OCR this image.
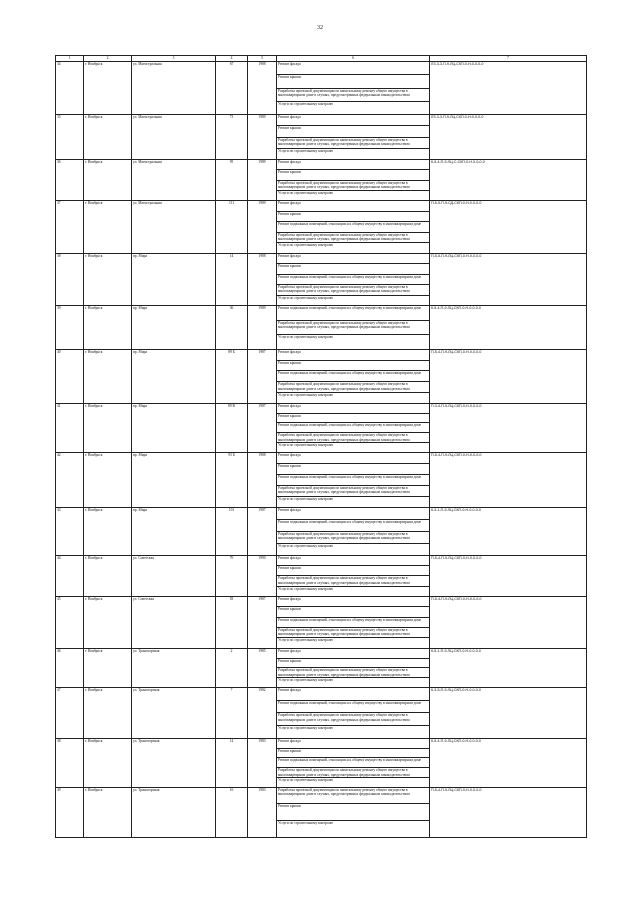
32
1	2	3	4	5	6	7
34	г. Ноябрьск	ул. Магистральная	67	1988	Ремонт фасада	ЛЗ-3-3-П-9-ЛЦ-СКП-0-Н-0-0-0-0
					Ремонт крыши	
					Разработка проектной документации по капитальному ремонту общего имущества в многоквартирном доме в случаях, предусмотренных федеральным законодательством	
					Услуги по строительному контролю	
35	г. Ноябрьск	ул. Магистральная	73	1989	Ремонт фасада	ЛЗ-3-3-П-9-ЛЦ-СКП-0-Н-0-0-0-0
					Ремонт крыши	
					Разработка проектной документации по капитальному ремонту общего имущества в многоквартирном доме в случаях, предусмотренных федеральным законодательством	
					Услуги по строительному контролю	
36	г. Ноябрьск	ул. Магистральная	95	1989	Ремонт фасада	К-5-4-П-9-ЛЦ-С-СКП-0-Н-0-0-0-0
					Ремонт крыши	
					Разработка проектной документации по капитальному ремонту общего имущества в многоквартирном доме в случаях, предусмотренных федеральным законодательством	
					Услуги по строительному контролю	
37	г. Ноябрьск	ул. Магистральная	111	1989	Ремонт фасада	П-5-5-П-9-СД-СКП-0-Н-0-0-0-0
					Ремонт крыши	
					Ремонт подвальных помещений, относящихся к общему имуществу в многоквартирном доме	
					Разработка проектной документации по капитальному ремонту общего имущества в многоквартирном доме в случаях, предусмотренных федеральным законодательством	
					Услуги по строительному контролю	
38	г. Ноябрьск	пр. Мира	14	1988	Ремонт фасада	П-5-5-П-9-ЛЦ-СКП-0-Н-0-0-0-0
					Ремонт крыши	
					Ремонт подвальных помещений, относящихся к общему имуществу в многоквартирном доме	
					Разработка проектной документации по капитальному ремонту общего имущества в многоквартирном доме в случаях, предусмотренных федеральным законодательством	
					Услуги по строительному контролю	
39	г. Ноябрьск	пр. Мира	36	1989	Ремонт подвальных помещений, относящихся к общему имуществу в многоквартирном доме	К-5-4-П-9-ЛЦ-СКП-0-Н-0-0-0-0
					Разработка проектной документации по капитальному ремонту общего имущества в многоквартирном доме в случаях, предусмотренных федеральным законодательством	
					Услуги по строительному контролю	
40	г. Ноябрьск	пр. Мира	89 Б	1987	Ремонт фасада	П-5-4-П-9-ЛЦ-СКП-0-Н-0-0-0-0
					Ремонт крыши	
					Ремонт подвальных помещений, относящихся к общему имуществу в многоквартирном доме	
					Разработка проектной документации по капитальному ремонту общего имущества в многоквартирном доме в случаях, предусмотренных федеральным законодательством	
					Услуги по строительному контролю	
41	г. Ноябрьск	пр. Мира	89 В	1987	Ремонт фасада	П-3-4-П-9-ЛЦ-СКП-0-Н-0-0-0-0
					Ремонт крыши	
					Ремонт подвальных помещений, относящихся к общему имуществу в многоквартирном доме	
					Разработка проектной документации по капитальному ремонту общего имущества в многоквартирном доме в случаях, предусмотренных федеральным законодательством	
					Услуги по строительному контролю	
42	г. Ноябрьск	пр. Мира	93 Б	1988	Ремонт фасада	П-5-4-П-9-ЛЦ-СКП-0-Н-0-0-0-0
					Ремонт крыши	
					Ремонт подвальных помещений, относящихся к общему имуществу в многоквартирном доме	
					Разработка проектной документации по капитальному ремонту общего имущества в многоквартирном доме в случаях, предусмотренных федеральным законодательством	
					Услуги по строительному контролю	
43	г. Ноябрьск	пр. Мира	101	1987	Ремонт фасада	К-3-1-П-9-ЛЦ-СКП-0-Н-0-0-0-0
					Ремонт подвальных помещений, относящихся к общему имуществу в многоквартирном доме	
					Разработка проектной документации по капитальному ремонту общего имущества в многоквартирном доме в случаях, предусмотренных федеральным законодательством	
					Услуги по строительному контролю	
44	г. Ноябрьск	ул. Советская	70	1990	Ремонт фасада	П-5-4-П-9-ЛЦ-СКП-0-Н-0-0-0-0
					Ремонт крыши	
					Разработка проектной документации по капитальному ремонту общего имущества в многоквартирном доме в случаях, предусмотренных федеральным законодательством	
					Услуги по строительному контролю	
45	г. Ноябрьск	ул. Советская	83	1987	Ремонт фасада	П-5-4-П-9-ЛЦ-СКП-0-Н-0-0-0-0
					Ремонт крыши	
					Ремонт подвальных помещений, относящихся к общему имуществу в многоквартирном доме	
					Разработка проектной документации по капитальному ремонту общего имущества в многоквартирном доме в случаях, предусмотренных федеральным законодательством	
					Услуги по строительному контролю	
46	г. Ноябрьск	ул. Транспортная	2	1985	Ремонт фасада	К-5-1-П-9-ЛЦ-СКП-0-Н-0-0-0-0
					Ремонт крыши	
					Разработка проектной документации по капитальному ремонту общего имущества в многоквартирном доме в случаях, предусмотренных федеральным законодательством	
					Услуги по строительному контролю	
47	г. Ноябрьск	ул. Транспортная	7	1982	Ремонт фасада	К-3-5-П-9-ЛЦ-СКП-0-Н-0-0-0-0
					Ремонт подвальных помещений, относящихся к общему имуществу в многоквартирном доме	
					Разработка проектной документации по капитальному ремонту общего имущества в многоквартирном доме в случаях, предусмотренных федеральным законодательством	
					Услуги по строительному контролю	
48	г. Ноябрьск	ул. Транспортная	14	1983	Ремонт фасада	К-5-4-П-9-ЛЦ-СКП-0-Н-0-0-0-0
					Ремонт крыши	
					Ремонт подвальных помещений, относящихся к общему имуществу в многоквартирном доме	
					Разработка проектной документации по капитальному ремонту общего имущества в многоквартирном доме в случаях, предусмотренных федеральным законодательством	
					Услуги по строительному контролю	
49	г. Ноябрьск	ул. Транспортная	16	1983	Разработка проектной документации по капитальному ремонту общего имущества в многоквартирном доме в случаях, предусмотренных федеральным законодательством	П-5-4-П-9-ЛЦ-СКП-0-Н-0-0-0-0
					Ремонт крыши	
					Услуги по строительному контролю	
